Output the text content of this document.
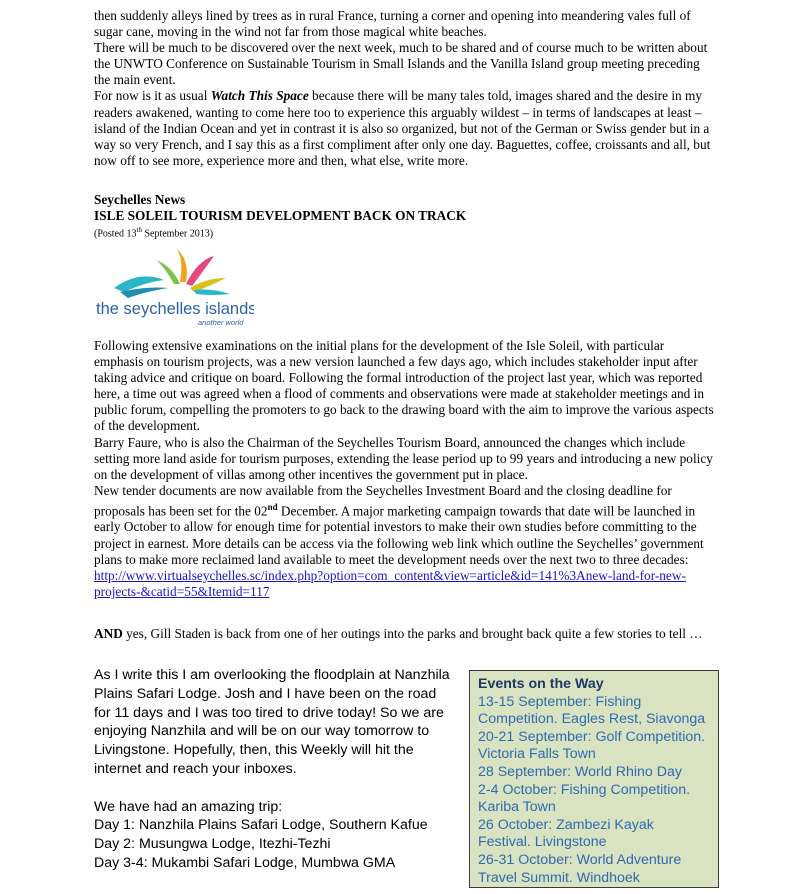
then suddenly alleys lined by trees as in rural France, turning a corner and opening into meandering vales full of sugar cane, moving in the wind not far from those magical white beaches.

There will be much to be discovered over the next week, much to be shared and of course much to be written about the UNWTO Conference on Sustainable Tourism in Small Islands and the Vanilla Island group meeting preceding the main event.

For now is it as usual Watch This Space because there will be many tales told, images shared and the desire in my readers awakened, wanting to come here too to experience this arguably wildest – in terms of landscapes at least – island of the Indian Ocean and yet in contrast it is also so organized, but not of the German or Swiss gender but in a way so very French, and I say this as a first compliment after only one day. Baguettes, coffee, croissants and all, but now off to see more, experience more and then, what else, write more.

Seychelles News

ISLE SOLEIL TOURISM DEVELOPMENT BACK ON TRACK

(Posted 13th September 2013)

the seychelles islands
another world

Following extensive examinations on the initial plans for the development of the Isle Soleil, with particular emphasis on tourism projects, was a new version launched a few days ago, which includes stakeholder input after taking advice and critique on board. Following the formal introduction of the project last year, which was reported here, a time out was agreed when a flood of comments and observations were made at stakeholder meetings and in public forum, compelling the promoters to go back to the drawing board with the aim to improve the various aspects of the development.

Barry Faure, who is also the Chairman of the Seychelles Tourism Board, announced the changes which include setting more land aside for tourism purposes, extending the lease period up to 99 years and introducing a new policy on the development of villas among other incentives the government put in place.

New tender documents are now available from the Seychelles Investment Board and the closing deadline for proposals has been set for the 02nd December. A major marketing campaign towards that date will be launched in early October to allow for enough time for potential investors to make their own studies before committing to the project in earnest. More details can be access via the following web link which outline the Seychelles’ government plans to make more reclaimed land available to meet the development needs over the next two to three decades:

http://www.virtualseychelles.sc/index.php?option=com_content&view=article&id=141%3Anew-land-for-new-projects-&catid=55&Itemid=117

AND yes, Gill Staden is back from one of her outings into the parks and brought back quite a few stories to tell …

As I write this I am overlooking the floodplain at Nanzhila Plains Safari Lodge. Josh and I have been on the road for 11 days and I was too tired to drive today! So we are enjoying Nanzhila and will be on our way tomorrow to Livingstone. Hopefully, then, this Weekly will hit the internet and reach your inboxes.

We have had an amazing trip:

Day 1: Nanzhila Plains Safari Lodge, Southern Kafue

Day 2: Musungwa Lodge, Itezhi-Tezhi

Day 3-4: Mukambi Safari Lodge, Mumbwa GMA

Events on the Way

13-15 September: Fishing Competition. Eagles Rest, Siavonga

20-21 September: Golf Competition. Victoria Falls Town

28 September: World Rhino Day

2-4 October: Fishing Competition. Kariba Town

26 October: Zambezi Kayak Festival. Livingstone

26-31 October: World Adventure Travel Summit. Windhoek
